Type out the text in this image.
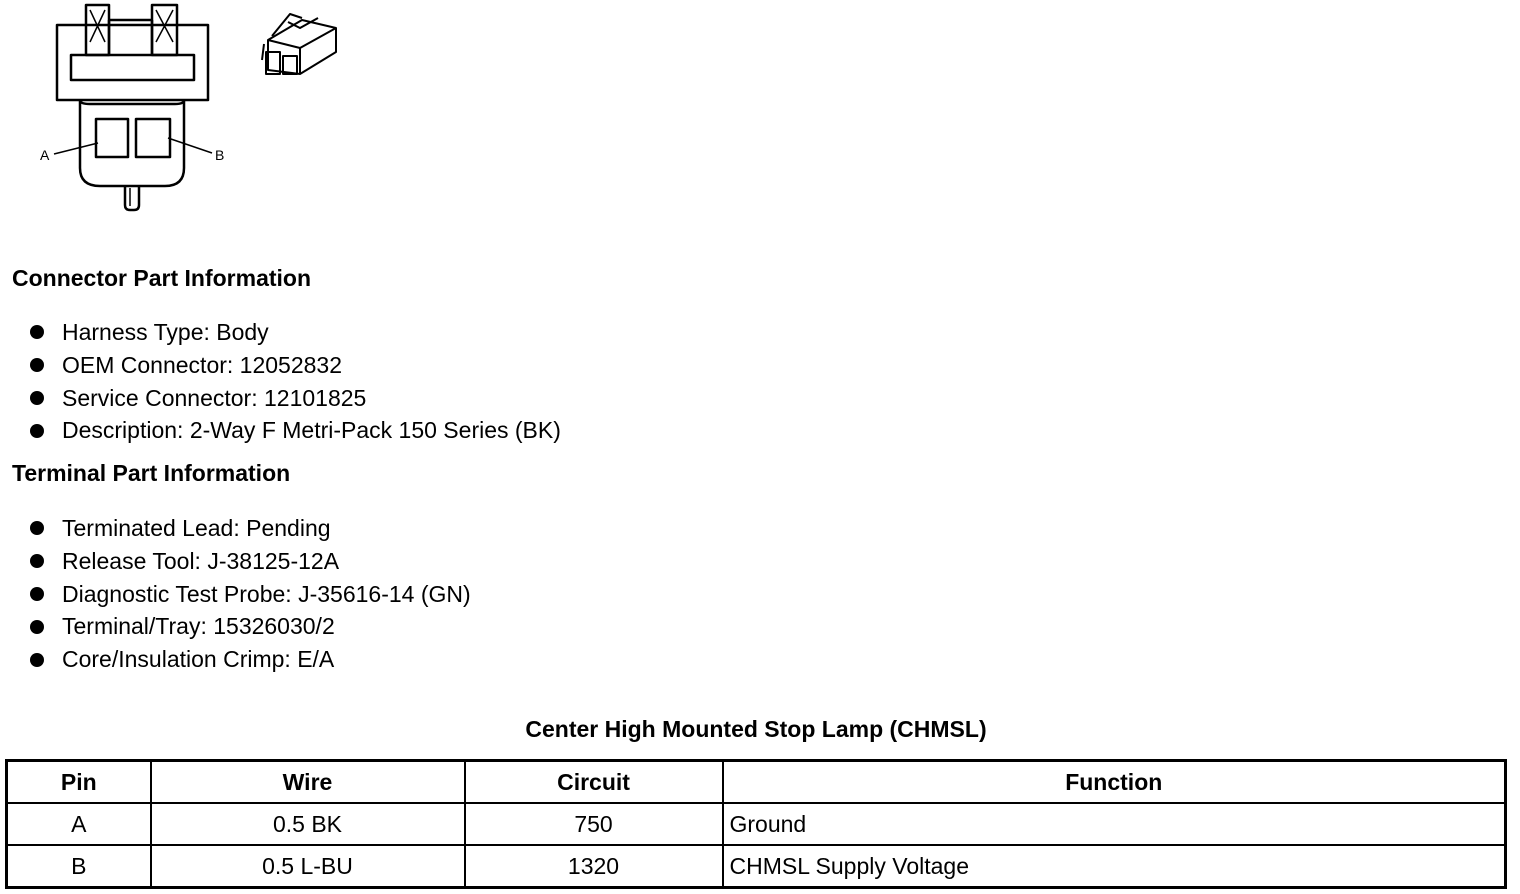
A	B
Connector Part Information
Harness Type: Body
OEM Connector: 12052832
Service Connector: 12101825
Description: 2-Way F Metri-Pack 150 Series (BK)
Terminal Part Information
Terminated Lead: Pending
Release Tool: J-38125-12A
Diagnostic Test Probe: J-35616-14 (GN)
Terminal/Tray: 15326030/2
Core/Insulation Crimp: E/A
Center High Mounted Stop Lamp (CHMSL)
Pin	Wire	Circuit	Function
A	0.5 BK	750	Ground
B	0.5 L-BU	1320	CHMSL Supply Voltage
